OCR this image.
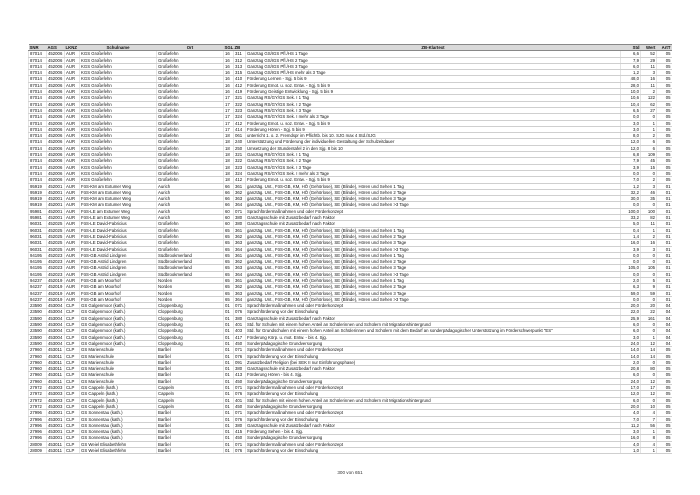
SNR	AGS	LKNZ	Schulname	Ort	SGL	ZB	ZB-Klartext	Std	Wert	ArtT
87014	452006	AUR	KGS Großefehn	Großefehn	16	311	Ganztag GS/IGS Pfl./HS 1 Tage	6,6	52	05
87014	452006	AUR	KGS Großefehn	Großefehn	16	312	Ganztag GS/IGS Pfl./HS 2 Tage	7,9	29	05
87014	452006	AUR	KGS Großefehn	Großefehn	16	313	Ganztag GS/IGS Pfl./HS 3 Tage	6,0	11	05
87014	452006	AUR	KGS Großefehn	Großefehn	16	315	Ganztag GS/IGS Pfl./HS mehr als 3 Tage	1,2	3	05
87014	452006	AUR	KGS Großefehn	Großefehn	16	410	Förderung Lernen - Sgj. 5 bis 9	48,0	16	05
87014	452006	AUR	KGS Großefehn	Großefehn	16	412	Förderung Emot. u. soz. Entw. - Sgj. 5 bis 9	28,0	11	05
87014	452006	AUR	KGS Großefehn	Großefehn	16	419	Förderung Geistige Entwicklung - Sgj. 5 bis 9	10,0	2	05
87014	452006	AUR	KGS Großefehn	Großefehn	17	321	Ganztag RS/GY/GS Sek. I 1 Tag	10,6	122	05
87014	452006	AUR	KGS Großefehn	Großefehn	17	322	Ganztag RS/GY/GS Sek. I 2 Tage	10,4	62	05
87014	452006	AUR	KGS Großefehn	Großefehn	17	323	Ganztag RS/GY/GS Sek. I 3 Tage	6,5	27	05
87014	452006	AUR	KGS Großefehn	Großefehn	17	324	Ganztag RS/GY/GS Sek. I mehr als 3 Tage	0,0	0	05
87014	452006	AUR	KGS Großefehn	Großefehn	17	412	Förderung Emot. u. soz. Entw. - Sgj. 5 bis 9	3,0	1	05
87014	452006	AUR	KGS Großefehn	Großefehn	17	414	Förderung Hören - Sgj. 5 bis 9	3,0	1	05
87014	452006	AUR	KGS Großefehn	Großefehn	18	061	unterricht 1. o. 2. Fremdspr im Pflichtb. bis 10. SJG max 4 Std./SJG	8,0	2	05
87014	452006	AUR	KGS Großefehn	Großefehn	18	240	Unterstützung und Förderung der individuellen Gestaltung der Schulzeitdauer	12,0	6	05
87014	452006	AUR	KGS Großefehn	Großefehn	18	250	Umsetzung der Stundentafel 2 in den Sjg. 8 bis 10	12,0	6	05
87014	452006	AUR	KGS Großefehn	Großefehn	18	321	Ganztag RS/GY/GS Sek. I 1 Tag	6,8	109	05
87014	452006	AUR	KGS Großefehn	Großefehn	18	322	Ganztag RS/GY/GS Sek. I 2 Tage	7,9	45	05
87014	452006	AUR	KGS Großefehn	Großefehn	18	323	Ganztag RS/GY/GS Sek. I 3 Tage	3,9	15	05
87014	452006	AUR	KGS Großefehn	Großefehn	18	324	Ganztag RS/GY/GS Sek. I mehr als 3 Tage	0,0	0	05
87014	452006	AUR	KGS Großefehn	Großefehn	18	412	Förderung Emot. u. soz. Entw. - Sgj. 5 bis 9	7,0	2	05
95919	452001	AUR	FöS-KM am Extumer Weg	Aurich	66	361	ganztäg. Unt., FöS-GB, KM, HÖ (Gehörlose), SE (Blinde), Hören und Sehen 1 Tag	1,2	3	01
95919	452001	AUR	FöS-KM am Extumer Weg	Aurich	66	362	ganztäg. Unt., FöS-GB, KM, HÖ (Gehörlose), SE (Blinde), Hören und Sehen 2 Tage	32,2	46	01
95919	452001	AUR	FöS-KM am Extumer Weg	Aurich	66	363	ganztäg. Unt., FöS-GB, KM, HÖ (Gehörlose), SE (Blinde), Hören und Sehen 3 Tage	30,0	35	01
95919	452001	AUR	FöS-KM am Extumer Weg	Aurich	66	364	ganztäg. Unt., FöS-GB, KM, HÖ (Gehörlose), SE (Blinde), Hören und Sehen >3 Tage	0,0	0	01
95981	452001	AUR	FöS-LE am Extumer Weg	Aurich	60	071	Sprachfördermaßnahmen und oder Förderkonzept	100,0	100	01
95981	452001	AUR	FöS-LE am Extumer Weg	Aurich	60	380	Ganztagsschule mit Zusatzbedarf nach Faktor	33,2	82	01
96031	452025	AUR	FöS-LE David-Fabricius	Großefehn	60	380	Ganztagsschule mit Zusatzbedarf nach Faktor	5,0	11	01
96031	452025	AUR	FöS-LE David-Fabricius	Großefehn	65	361	ganztäg. Unt., FöS-GB, KM, HÖ (Gehörlose), SE (Blinde), Hören und Sehen 1 Tag	0,4	1	01
96031	452025	AUR	FöS-LE David-Fabricius	Großefehn	65	362	ganztäg. Unt., FöS-GB, KM, HÖ (Gehörlose), SE (Blinde), Hören und Sehen 2 Tage	1,4	2	01
96031	452025	AUR	FöS-LE David-Fabricius	Großefehn	65	363	ganztäg. Unt., FöS-GB, KM, HÖ (Gehörlose), SE (Blinde), Hören und Sehen 3 Tage	16,0	16	01
96031	452025	AUR	FöS-LE David-Fabricius	Großefehn	65	364	ganztäg. Unt., FöS-GB, KM, HÖ (Gehörlose), SE (Blinde), Hören und Sehen >3 Tage	3,9	3	01
94195	452023	AUR	FöS-GB Astrid Lindgren	Südbrookmerland	65	361	ganztäg. Unt., FöS-GB, KM, HÖ (Gehörlose), SE (Blinde), Hören und Sehen 1 Tag	0,0	0	01
94195	452023	AUR	FöS-GB Astrid Lindgren	Südbrookmerland	65	362	ganztäg. Unt., FöS-GB, KM, HÖ (Gehörlose), SE (Blinde), Hören und Sehen 2 Tage	0,0	0	01
94195	452023	AUR	FöS-GB Astrid Lindgren	Südbrookmerland	65	363	ganztäg. Unt., FöS-GB, KM, HÖ (Gehörlose), SE (Blinde), Hören und Sehen 3 Tage	105,0	105	01
94195	452023	AUR	FöS-GB Astrid Lindgren	Südbrookmerland	65	364	ganztäg. Unt., FöS-GB, KM, HÖ (Gehörlose), SE (Blinde), Hören und Sehen >3 Tage	0,0	0	01
94237	452019	AUR	FöS-GB am Moorhof	Norden	65	361	ganztäg. Unt., FöS-GB, KM, HÖ (Gehörlose), SE (Blinde), Hören und Sehen 1 Tag	2,0	5	01
94237	452019	AUR	FöS-GB am Moorhof	Norden	65	362	ganztäg. Unt., FöS-GB, KM, HÖ (Gehörlose), SE (Blinde), Hören und Sehen 2 Tage	6,3	9	01
94237	452019	AUR	FöS-GB am Moorhof	Norden	65	363	ganztäg. Unt., FöS-GB, KM, HÖ (Gehörlose), SE (Blinde), Hören und Sehen 3 Tage	59,0	59	01
94237	452019	AUR	FöS-GB am Moorhof	Norden	65	364	ganztäg. Unt., FöS-GB, KM, HÖ (Gehörlose), SE (Blinde), Hören und Sehen >3 Tage	0,0	0	01
23590	453004	CLP	GS Galgenmoor (kath.)	Cloppenburg	01	071	Sprachfördermaßnahmen und oder Förderkonzept	20,0	20	04
23590	453004	CLP	GS Galgenmoor (kath.)	Cloppenburg	01	076	Sprachförderung vor der Einschulung	22,0	22	04
23590	453004	CLP	GS Galgenmoor (kath.)	Cloppenburg	01	380	Ganztagsschule mit Zusatzbedarf nach Faktor	25,9	161	04
23590	453004	CLP	GS Galgenmoor (kath.)	Cloppenburg	01	401	Std. für Schulen mit einem hohen Anteil an Schülerinnen und Schülern mit Migrationshintergrund	6,0	0	04
23590	453004	CLP	GS Galgenmoor (kath.)	Cloppenburg	01	403	Std. für Grundschulen mit einem hohen Anteil an Schülerinnen und Schülern mit dem Bedarf an sonderpädagogischer Unterstützung im Förderschwerpunkt "ES"	6,0	0	04
23590	453004	CLP	GS Galgenmoor (kath.)	Cloppenburg	01	417	Förderung Körp. u. mot. Entw. - bis 4. Sjg.	3,0	1	04
23590	453004	CLP	GS Galgenmoor (kath.)	Cloppenburg	01	450	Sonderpädagogische Grundversorgung	24,0	12	04
27960	453011	CLP	GS Marienschule	Barßel	01	071	Sprachfördermaßnahmen und oder Förderkonzept	14,0	14	05
27960	453011	CLP	GS Marienschule	Barßel	01	076	Sprachförderung vor der Einschulung	14,0	14	05
27960	453011	CLP	GS Marienschule	Barßel	01	091	Zusatzbedarf Religion (bei SEK II nur Einführungsphase)	2,0	0	05
27960	453011	CLP	GS Marienschule	Barßel	01	380	Ganztagsschule mit Zusatzbedarf nach Faktor	20,8	80	05
27960	453011	CLP	GS Marienschule	Barßel	01	413	Förderung Hören - bis 4. Sjg.	6,0	0	05
27960	453011	CLP	GS Marienschule	Barßel	01	450	Sonderpädagogische Grundversorgung	24,0	12	05
27972	453003	CLP	GS Cappeln (kath.)	Cappeln	01	071	Sprachfördermaßnahmen und oder Förderkonzept	17,0	17	05
27972	453003	CLP	GS Cappeln (kath.)	Cappeln	01	076	Sprachförderung vor der Einschulung	12,0	12	05
27972	453003	CLP	GS Cappeln (kath.)	Cappeln	01	401	Std. für Schulen mit einem hohen Anteil an Schülerinnen und Schülern mit Migrationshintergrund	6,0	0	05
27972	453003	CLP	GS Cappeln (kath.)	Cappeln	01	450	Sonderpädagogische Grundversorgung	20,0	10	05
27996	453001	CLP	GS Sonnentau (kath.)	Barßel	01	071	Sprachfördermaßnahmen und oder Förderkonzept	4,0	4	05
27996	453001	CLP	GS Sonnentau (kath.)	Barßel	01	076	Sprachförderung vor der Einschulung	7,0	7	05
27996	453001	CLP	GS Sonnentau (kath.)	Barßel	01	380	Ganztagsschule mit Zusatzbedarf nach Faktor	11,2	56	05
27996	453001	CLP	GS Sonnentau (kath.)	Barßel	01	415	Förderung Sehen - bis 4. Sjg.	3,0	1	05
27996	453001	CLP	GS Sonnentau (kath.)	Barßel	01	450	Sonderpädagogische Grundversorgung	16,0	8	05
28009	453011	CLP	GS Weiel Elisabethfehn	Barßel	01	071	Sprachfördermaßnahmen und oder Förderkonzept	4,0	4	05
28009	453011	CLP	GS Weiel Elisabethfehn	Barßel	01	076	Sprachförderung vor der Einschulung	1,0	1	05
300 von 651
